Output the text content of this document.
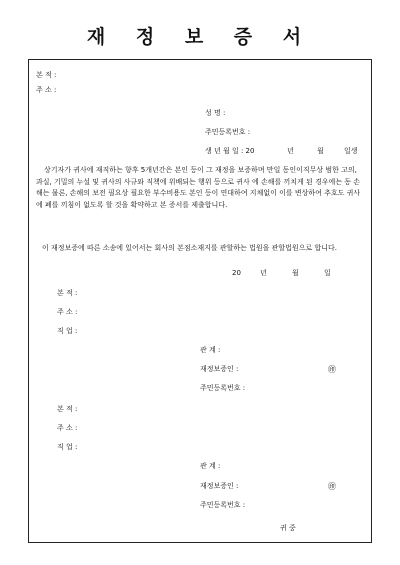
재 정 보 증 서
본 적 :
주 소 :
성 명 :
주민등록번호 :
생 년 월 일 : 20	년	월	일생
상기자가 귀사에 재직하는 향후 5개년간은 본인 등이 그 재정을 보증하며 만일 동인이직무상 범한 고의, 과실, 기밀의 누설 및 귀사의 사규와 직책에 위배되는 행위 등으로 귀사 에 손해를 끼치게 된 경우에는 동 손해는 물론, 손해의 보전 필요상 필요한 부수비용도 본인 등이 연대하여 지체없이 이를 변상하여 추호도 귀사에 폐를 끼침이 없도록 할 것을 확약하고 본 증서를 제출합니다.
이 재정보증에 따른 소송에 있어서는 회사의 본점소재지를 관할하는 법원을 관할법원으로 합니다.
20	년	월	일
본 적 :
주 소 :
직 업 :
관 계 :
재정보증인 :	㊞
주민등록번호 :
본 적 :
주 소 :
직 업 :
관 계 :
재정보증인 :	㊞
주민등록번호 :
귀 중
